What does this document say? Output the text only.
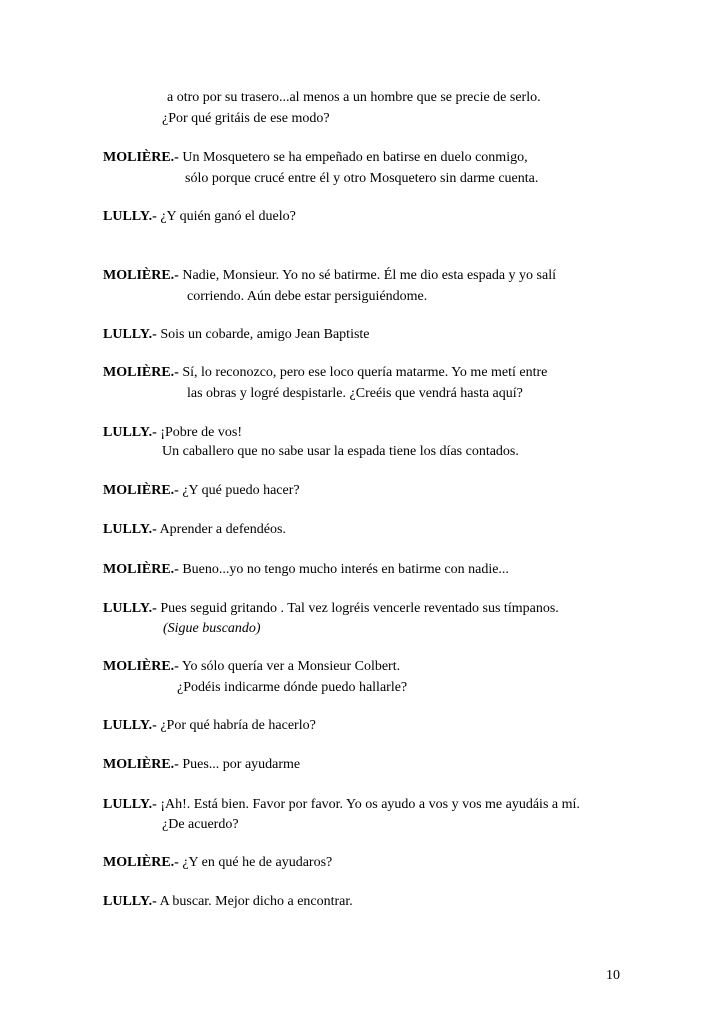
a otro por su trasero...al menos a un hombre que se precie de serlo.
¿Por qué gritáis de ese modo?
MOLIÈRE.- Un Mosquetero se ha empeñado en batirse en duelo conmigo,
sólo porque crucé entre él y otro Mosquetero sin darme cuenta.
LULLY.- ¿Y quién ganó el duelo?
MOLIÈRE.- Nadie, Monsieur. Yo no sé batirme. Él me dio esta espada y yo salí
corriendo. Aún debe estar persiguiéndome.
LULLY.- Sois un cobarde, amigo Jean Baptiste
MOLIÈRE.- Sí, lo reconozco, pero ese loco quería matarme. Yo me metí entre
las obras y logré despistarle. ¿Creéis que vendrá hasta aquí?
LULLY.- ¡Pobre de vos!
Un caballero que no sabe usar la espada tiene los días contados.
MOLIÈRE.- ¿Y qué puedo hacer?
LULLY.- Aprender a defendéos.
MOLIÈRE.- Bueno...yo no tengo mucho interés en batirme con nadie...
LULLY.- Pues seguid gritando . Tal vez logréis vencerle reventado sus tímpanos.
(Sigue buscando)
MOLIÈRE.- Yo sólo quería ver a Monsieur Colbert.
¿Podéis indicarme dónde puedo hallarle?
LULLY.- ¿Por qué habría de hacerlo?
MOLIÈRE.- Pues... por ayudarme
LULLY.- ¡Ah!. Está bien. Favor por favor. Yo os ayudo a vos y vos me ayudáis a mí.
¿De acuerdo?
MOLIÈRE.- ¿Y en qué he de ayudaros?
LULLY.- A buscar. Mejor dicho a encontrar.
10
